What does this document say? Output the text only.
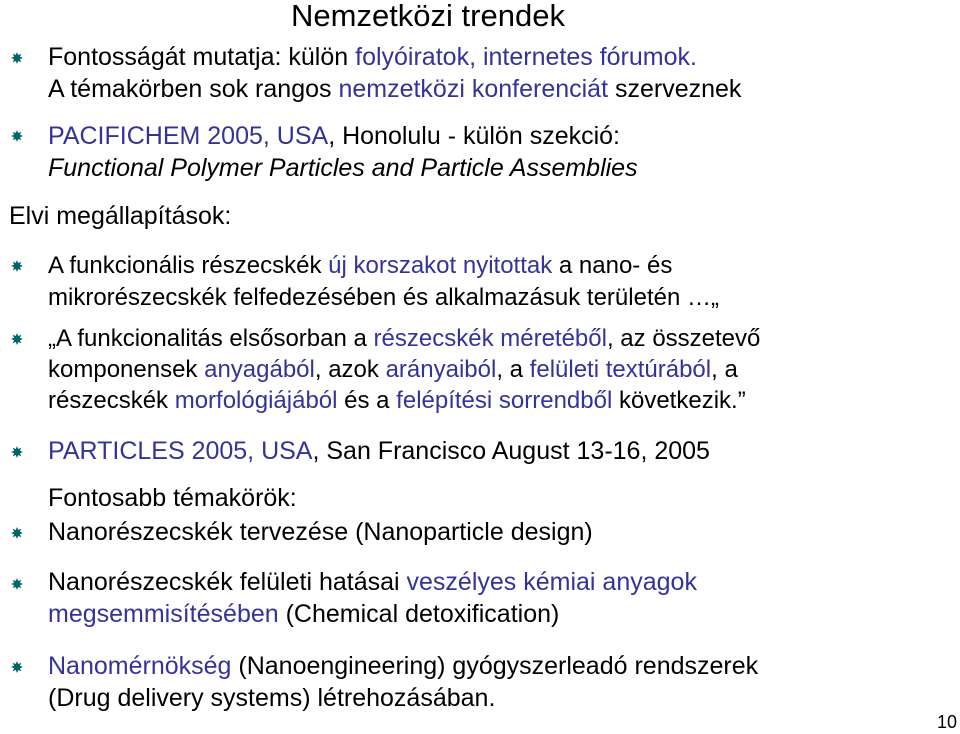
Nemzetközi trendek
Fontosságát mutatja: külön folyóiratok, internetes fórumok.
A témakörben sok rangos nemzetközi konferenciát szerveznek
PACIFICHEM 2005, USA, Honolulu - külön szekció:
Functional Polymer Particles and Particle Assemblies
Elvi megállapítások:
A funkcionális részecskék új korszakot nyitottak a nano- és
mikrorészecskék felfedezésében és alkalmazásuk területén …„
„A funkcionalitás elsősorban a részecskék méretéből, az összetevő
komponensek anyagából, azok arányaiból, a felületi textúrából, a
részecskék morfológiájából és a felépítési sorrendből következik.”
PARTICLES 2005, USA, San Francisco August 13-16, 2005
Fontosabb témakörök:
Nanorészecskék tervezése (Nanoparticle design)
Nanorészecskék felületi hatásai veszélyes kémiai anyagok
megsemmisítésében (Chemical detoxification)
Nanomérnökség (Nanoengineering) gyógyszerleadó rendszerek
(Drug delivery systems) létrehozásában.
10
